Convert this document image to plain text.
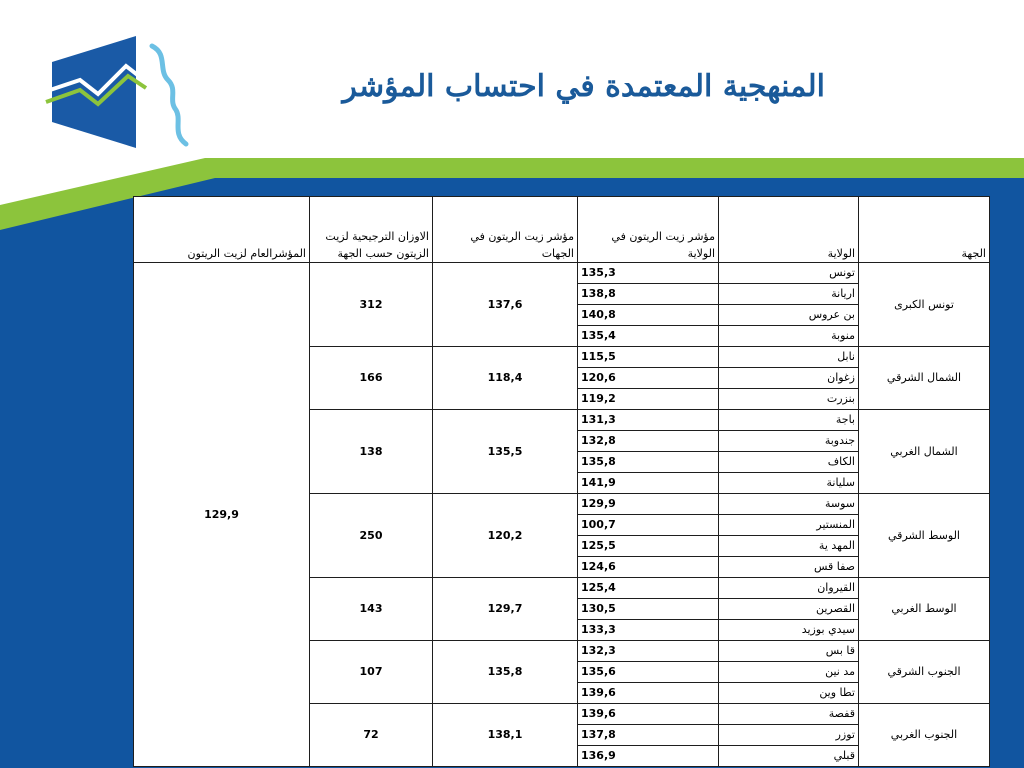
المنهجية المعتمدة في احتساب المؤشر
الجهة	الولاية	مؤشر زيت الريتون في الولاية	مؤشر زيت الريتون في الجهات	الاوزان الترجيحية لزيت الزيتون حسب الجهة	المؤشرالعام لزيت الريتون
تونس الكبرى	تونس	135,3	137,6	312	129,9
	اريانة	138,8			
	بن عروس	140,8			
	منوبة	135,4			
الشمال الشرقي	نابل	115,5	118,4	166	
	زغوان	120,6			
	بنزرت	119,2			
الشمال الغربي	باجة	131,3	135,5	138	
	جندوبة	132,8			
	الكاف	135,8			
	سليانة	141,9			
الوسط الشرقي	سوسة	129,9	120,2	250	
	المنستير	100,7			
	المهد ية	125,5			
	صفا قس	124,6			
الوسط الغربي	القيروان	125,4	129,7	143	
	القصرين	130,5			
	سيدي بوزيد	133,3			
الجنوب الشرقي	قا بس	132,3	135,8	107	
	مد نين	135,6			
	تطا وين	139,6			
الجنوب الغربي	قفصة	139,6	138,1	72	
	توزر	137,8			
	قبلي	136,9			
